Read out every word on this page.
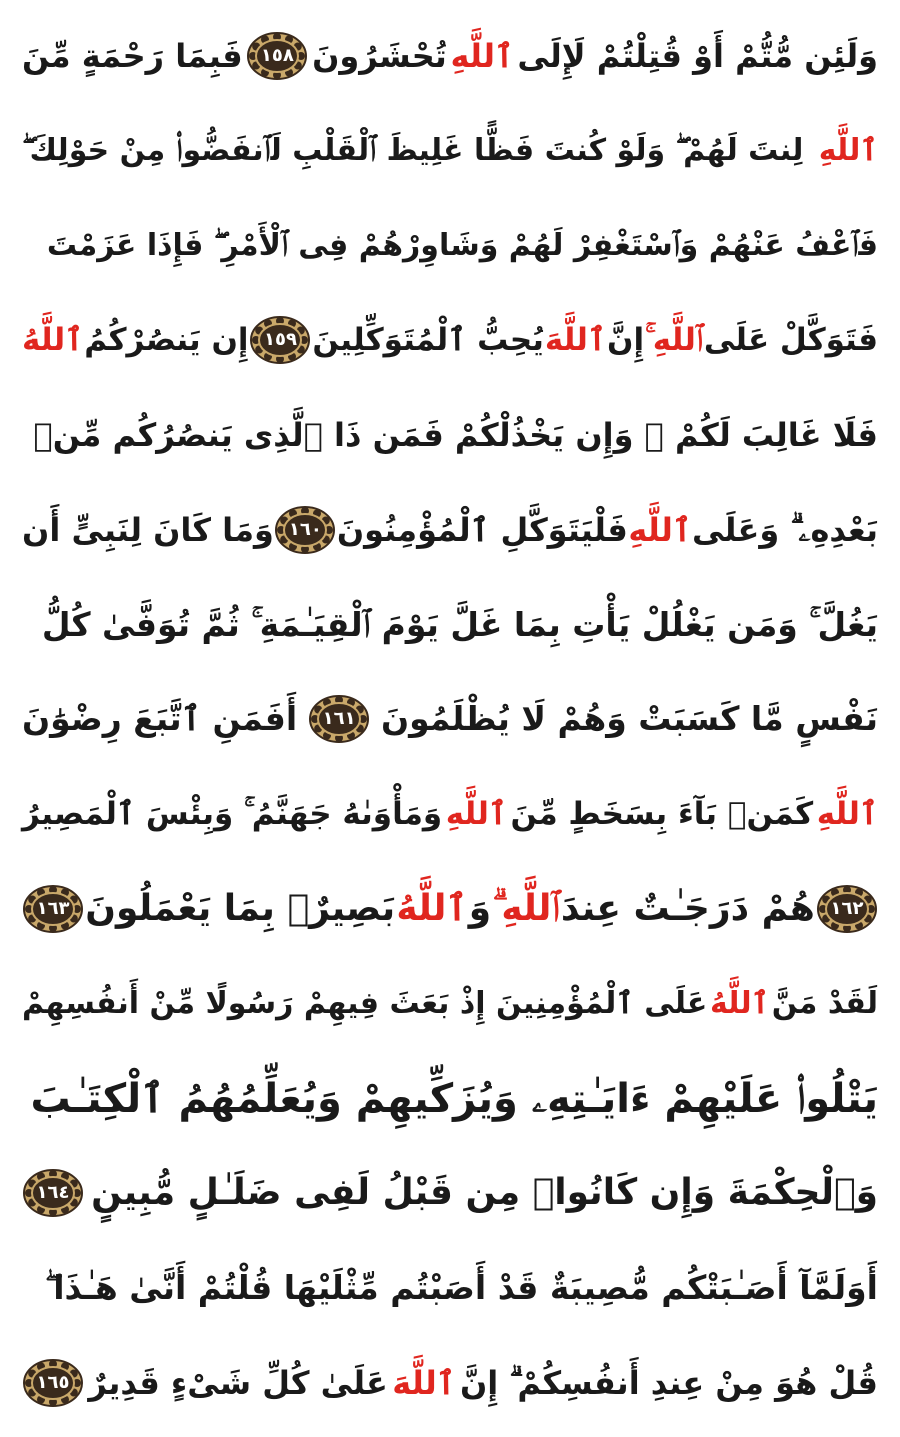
وَلَئِن مُّتُّمْ أَوْ قُتِلْتُمْ لَإِلَى
ٱللَّهِ
تُحْشَرُونَ
١٥٨
فَبِمَا رَحْمَةٍ مِّنَ
ٱللَّهِ
لِنتَ لَهُمْ ۖ وَلَوْ كُنتَ فَظًّا غَلِيظَ ٱلْقَلْبِ لَٱنفَضُّوا۟ مِنْ حَوْلِكَ ۖ
فَٱعْفُ عَنْهُمْ وَٱسْتَغْفِرْ لَهُمْ وَشَاوِرْهُمْ فِى ٱلْأَمْرِ ۖ فَإِذَا عَزَمْتَ
فَتَوَكَّلْ عَلَى
ٱللَّهِ ۚ
إِنَّ
ٱللَّهَ
يُحِبُّ ٱلْمُتَوَكِّلِينَ
١٥٩
إِن يَنصُرْكُمُ
ٱللَّهُ
فَلَا غَالِبَ لَكُمْ ۖ وَإِن يَخْذُلْكُمْ فَمَن ذَا ٱلَّذِى يَنصُرُكُم مِّنۢ
بَعْدِهِۦ ۗ وَعَلَى
ٱللَّهِ
فَلْيَتَوَكَّلِ ٱلْمُؤْمِنُونَ
١٦٠
وَمَا كَانَ لِنَبِىٍّ أَن
يَغُلَّ ۚ وَمَن يَغْلُلْ يَأْتِ بِمَا غَلَّ يَوْمَ ٱلْقِيَـٰمَةِ ۚ ثُمَّ تُوَفَّىٰ كُلُّ
نَفْسٍ مَّا كَسَبَتْ وَهُمْ لَا يُظْلَمُونَ
١٦١
أَفَمَنِ ٱتَّبَعَ رِضْوَٰنَ
ٱللَّهِ
كَمَنۢ بَآءَ بِسَخَطٍ مِّنَ
ٱللَّهِ
وَمَأْوَىٰهُ جَهَنَّمُ ۚ وَبِئْسَ ٱلْمَصِيرُ
١٦٢
هُمْ دَرَجَـٰتٌ عِندَ
ٱللَّهِ ۗ
وَ
ٱللَّهُ
بَصِيرٌۢ بِمَا يَعْمَلُونَ
١٦٣
لَقَدْ مَنَّ
ٱللَّهُ
عَلَى ٱلْمُؤْمِنِينَ إِذْ بَعَثَ فِيهِمْ رَسُولًا مِّنْ أَنفُسِهِمْ
يَتْلُوا۟ عَلَيْهِمْ ءَايَـٰتِهِۦ وَيُزَكِّيهِمْ وَيُعَلِّمُهُمُ ٱلْكِتَـٰبَ
وَٱلْحِكْمَةَ وَإِن كَانُوا۟ مِن قَبْلُ لَفِى ضَلَـٰلٍ مُّبِينٍ
١٦٤
أَوَلَمَّآ أَصَـٰبَتْكُم مُّصِيبَةٌ قَدْ أَصَبْتُم مِّثْلَيْهَا قُلْتُمْ أَنَّىٰ هَـٰذَا ۖ
قُلْ هُوَ مِنْ عِندِ أَنفُسِكُمْ ۗ إِنَّ
ٱللَّهَ
عَلَىٰ كُلِّ شَىْءٍ قَدِيرٌ
١٦٥
